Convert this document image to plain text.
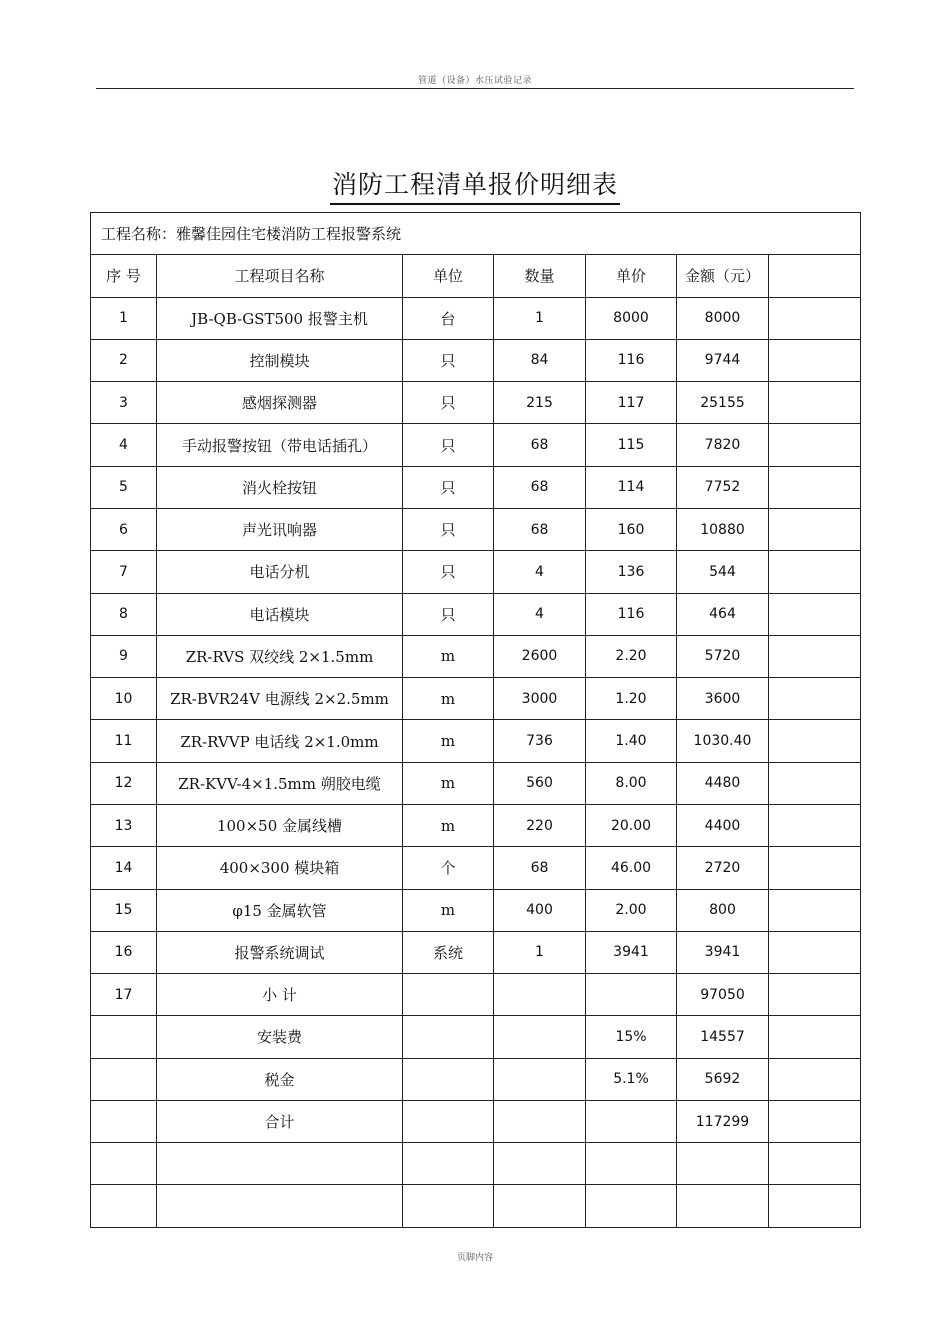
管道（设备）水压试验记录
消防工程清单报价明细表
工程名称：雅馨佳园住宅楼消防工程报警系统						
序 号	工程项目名称	单位	数量	单价	金额（元）	
1	JB-QB-GST500 报警主机	台	1	8000	8000	
2	控制模块	只	84	116	9744	
3	感烟探测器	只	215	117	25155	
4	手动报警按钮（带电话插孔）	只	68	115	7820	
5	消火栓按钮	只	68	114	7752	
6	声光讯响器	只	68	160	10880	
7	电话分机	只	4	136	544	
8	电话模块	只	4	116	464	
9	ZR-RVS 双绞线 2×1.5mm	m	2600	2.20	5720	
10	ZR-BVR24V 电源线 2×2.5mm	m	3000	1.20	3600	
11	ZR-RVVP 电话线 2×1.0mm	m	736	1.40	1030.40	
12	ZR-KVV-4×1.5mm 朔胶电缆	m	560	8.00	4480	
13	100×50 金属线槽	m	220	20.00	4400	
14	400×300 模块箱	个	68	46.00	2720	
15	φ15 金属软管	m	400	2.00	800	
16	报警系统调试	系统	1	3941	3941	
17	小 计				97050	
	安装费			15%	14557	
	税金			5.1%	5692	
	合计				117299	

页脚内容
